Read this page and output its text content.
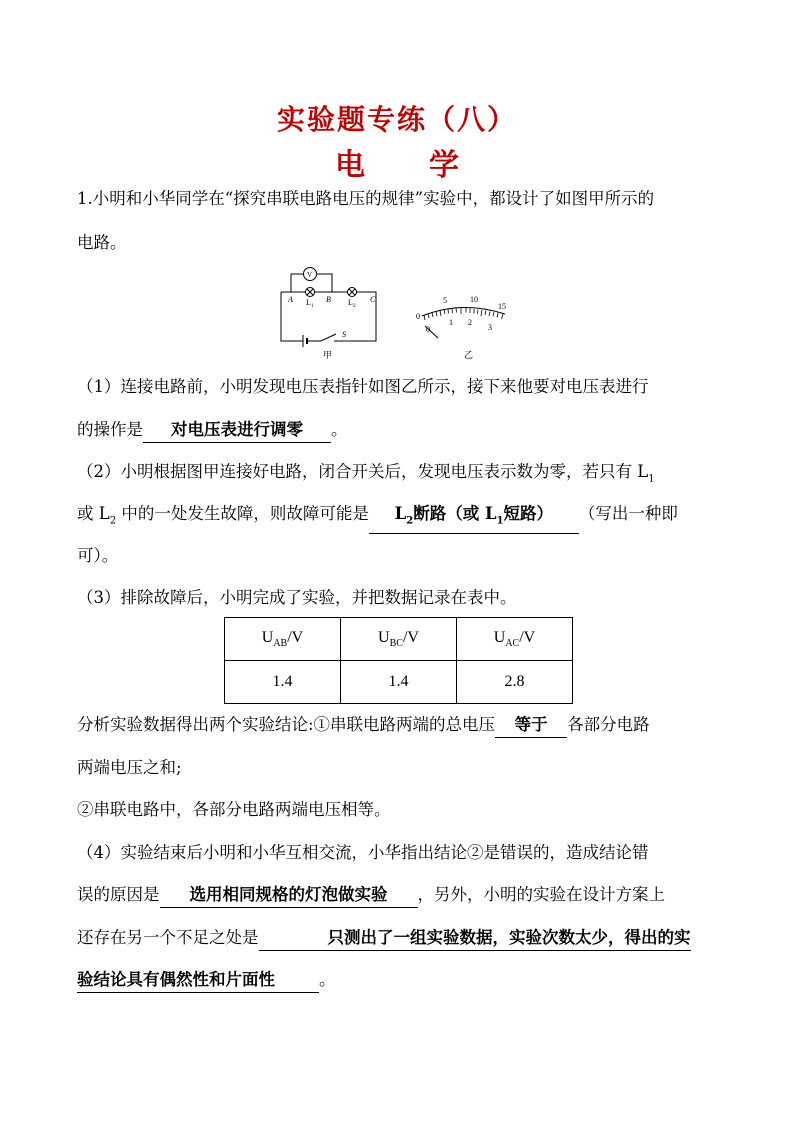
实验题专练（八）
电 学
1.小明和小华同学在“探究串联电路电压的规律”实验中，都设计了如图甲所示的
电路。
V
A	B	C
L 1	L 2
S
甲
0
5	10
15
0
1 2
3
乙
（1）连接电路前，小明发现电压表指针如图乙所示，接下来他要对电压表进行
的操作是 对电压表进行调零 。
（2）小明根据图甲连接好电路，闭合开关后，发现电压表示数为零，若只有 $L_1$
或 $L_2$ 中的一处发生故障，则故障可能是 $L_2$断路（或 $L_1$短路） （写出一种即
可）。
（3）排除故障后，小明完成了实验，并把数据记录在表中。
$U_{AB}/V$	$U_{BC}/V$	$U_{AC}/V$
1.4	1.4	2.8
分析实验数据得出两个实验结论:①串联电路两端的总电压 等于 各部分电路
两端电压之和;
②串联电路中，各部分电路两端电压相等。
（4）实验结束后小明和小华互相交流，小华指出结论②是错误的，造成结论错
误的原因是 选用相同规格的灯泡做实验 ，另外，小明的实验在设计方案上
还存在另一个不足之处是	只测出了一组实验数据，实验次数太少，得出的实
验结论具有偶然性和片面性	。
